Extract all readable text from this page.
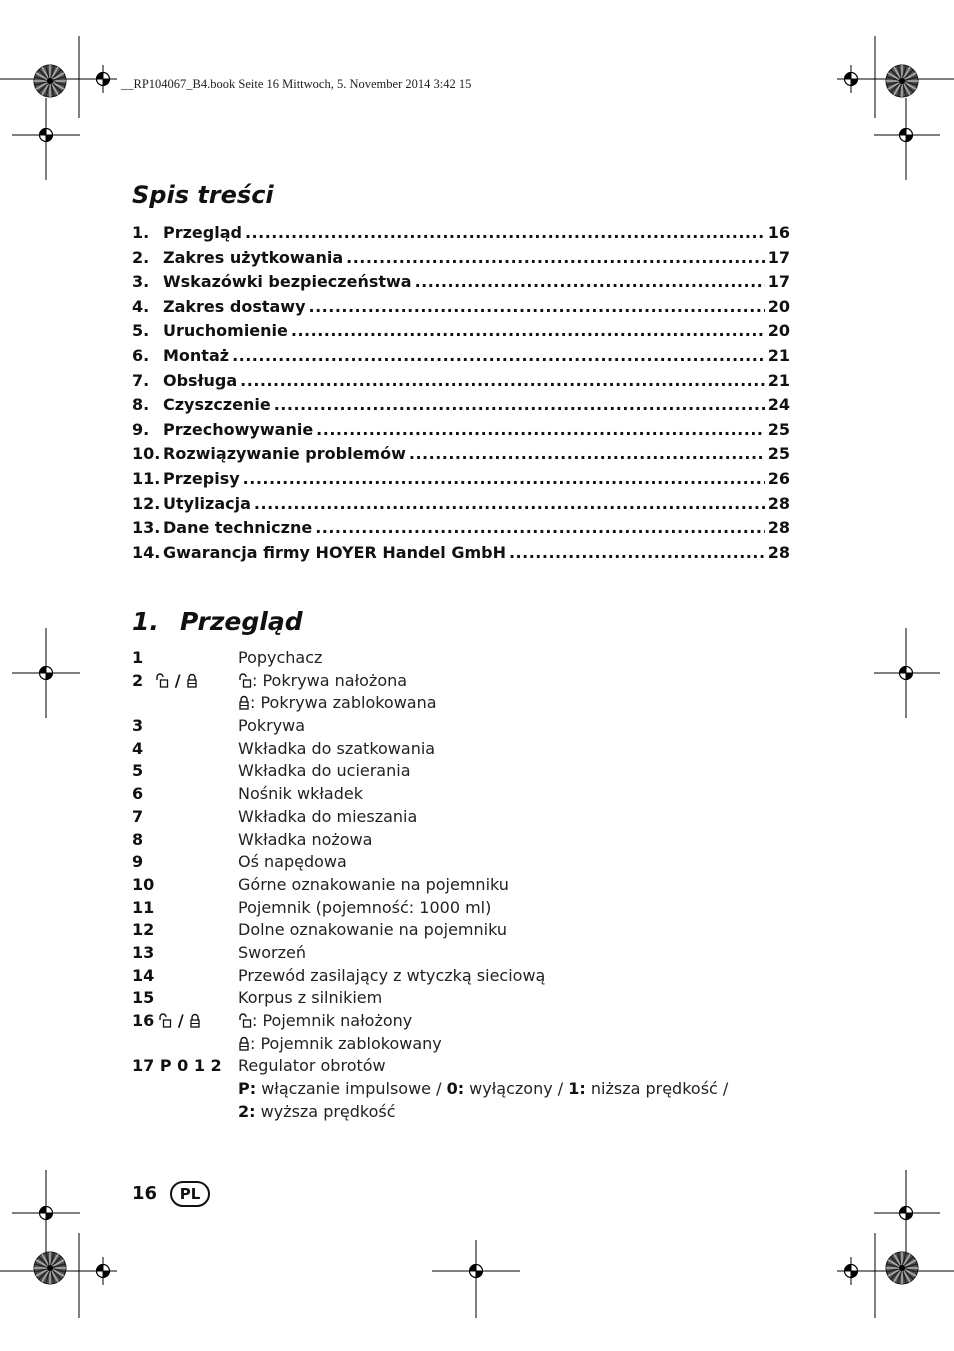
__RP104067_B4.book Seite 16 Mittwoch, 5. November 2014 3:42 15
Spis treści
1. Przegląd .....	16
2. Zakres użytkowania .....	17
3. Wskazówki bezpieczeństwa .....	17
4. Zakres dostawy .....	20
5. Uruchomienie .....	20
6. Montaż .....	21
7. Obsługa .....	21
8. Czyszczenie .....	24
9. Przechowywanie .....	25
10. Rozwiązywanie problemów .....	25
11. Przepisy .....	26
12. Utylizacja .....	28
13. Dane techniczne .....	28
14. Gwarancja firmy HOYER Handel GmbH .....	28
1. Przegląd
1	Popychacz
2 /	: Pokrywa nałożona
: Pokrywa zablokowana
3	Pokrywa
4	Wkładka do szatkowania
5	Wkładka do ucierania
6	Nośnik wkładek
7	Wkładka do mieszania
8	Wkładka nożowa
9	Oś napędowa
10	Górne oznakowanie na pojemniku
11	Pojemnik (pojemność: 1000 ml)
12	Dolne oznakowanie na pojemniku
13	Sworzeń
14	Przewód zasilający z wtyczką sieciową
15	Korpus z silnikiem
16 /	: Pojemnik nałożony
: Pojemnik zablokowany
17 P 0 1 2	Regulator obrotów
P: włączanie impulsowe / 0: wyłączony / 1: niższa prędkość /
2: wyższa prędkość
16	PL
